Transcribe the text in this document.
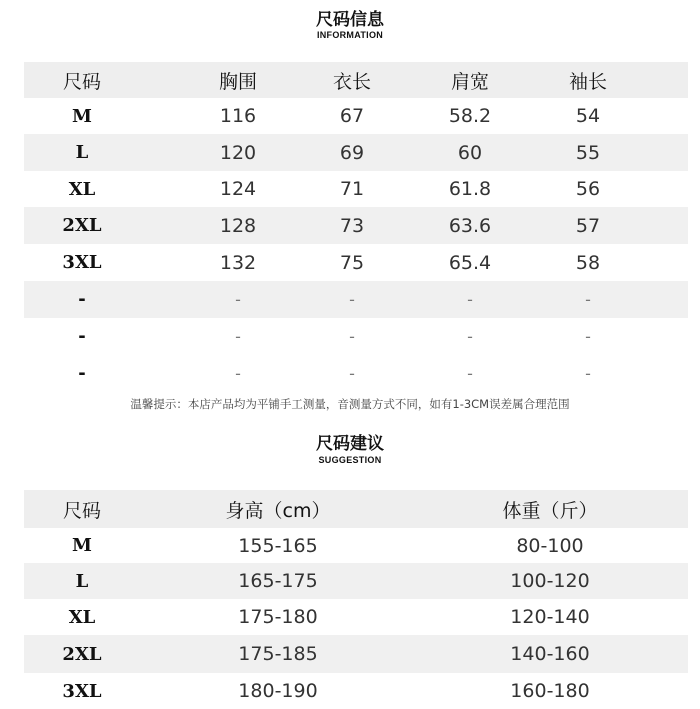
尺码信息
INFORMATION
尺码	胸围	衣长	肩宽	袖长
M	116	67	58.2	54
L	120	69	60	55
XL	124	71	61.8	56
2XL	128	73	63.6	57
3XL	132	75	65.4	58
-	-	-	-	-
-	-	-	-	-
-	-	-	-	-
温馨提示：本店产品均为平铺手工测量，音测量方式不同，如有1-3CM误差属合理范围
尺码建议
SUGGESTION
尺码	身高（cm）	体重（斤）
M	155-165	80-100
L	165-175	100-120
XL	175-180	120-140
2XL	175-185	140-160
3XL	180-190	160-180
